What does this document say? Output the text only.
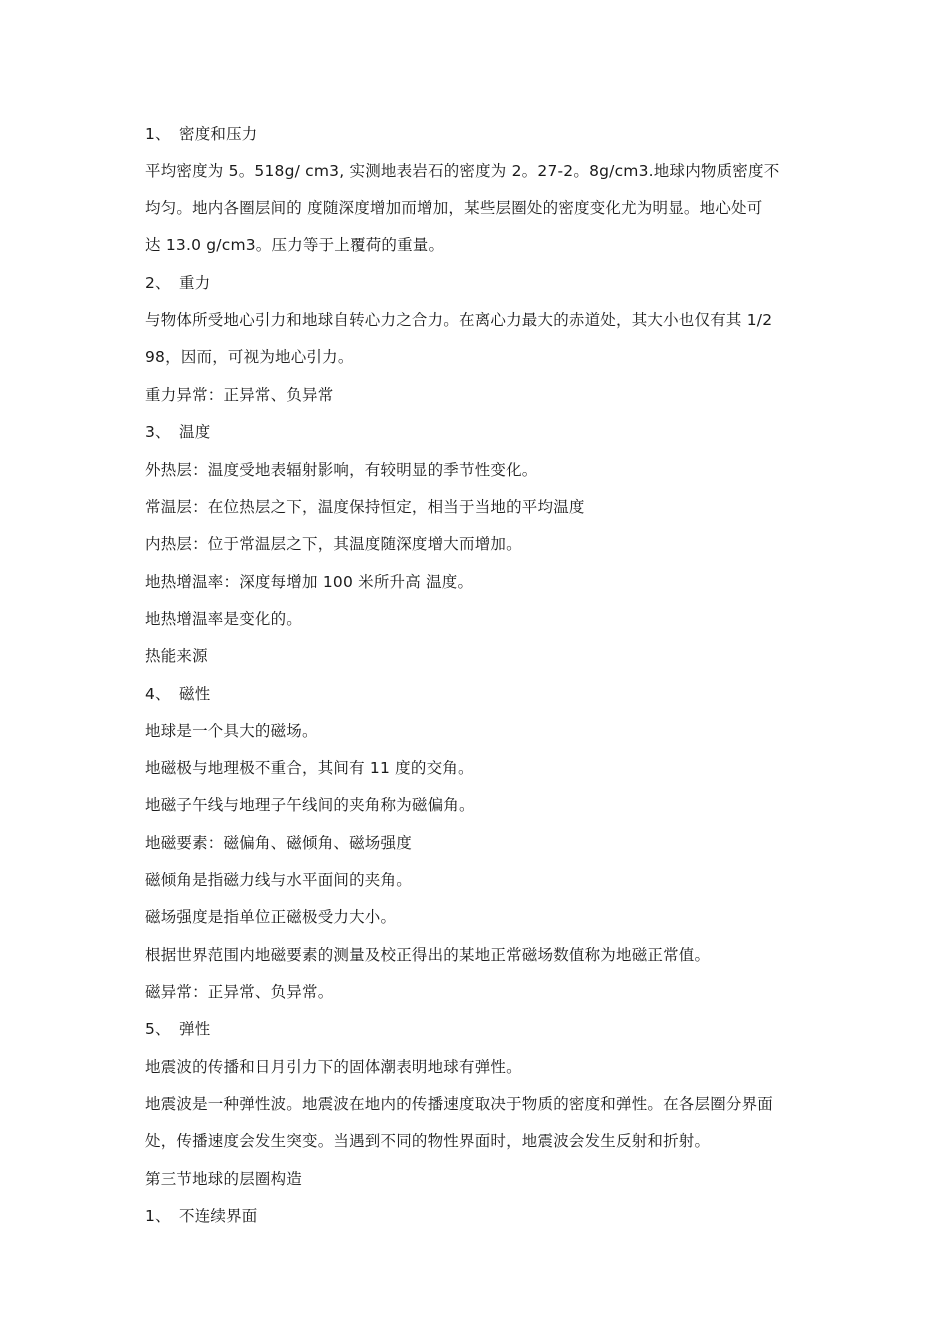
1、 密度和压力
平均密度为 5。518g/ cm3, 实测地表岩石的密度为 2。27-2。8g/cm3.地球内物质密度不
均匀。地内各圈层间的 度随深度增加而增加，某些层圈处的密度变化尤为明显。地心处可
达 13.0 g/cm3。压力等于上覆荷的重量。
2、 重力
与物体所受地心引力和地球自转心力之合力。在离心力最大的赤道处，其大小也仅有其 1/2
98，因而，可视为地心引力。
重力异常：正异常、负异常
3、 温度
外热层：温度受地表辐射影响，有较明显的季节性变化。
常温层：在位热层之下，温度保持恒定，相当于当地的平均温度
内热层：位于常温层之下，其温度随深度增大而增加。
地热增温率：深度每增加 100 米所升高 温度。
地热增温率是变化的。
热能来源
4、 磁性
地球是一个具大的磁场。
地磁极与地理极不重合，其间有 11 度的交角。
地磁子午线与地理子午线间的夹角称为磁偏角。
地磁要素：磁偏角、磁倾角、磁场强度
磁倾角是指磁力线与水平面间的夹角。
磁场强度是指单位正磁极受力大小。
根据世界范围内地磁要素的测量及校正得出的某地正常磁场数值称为地磁正常值。
磁异常：正异常、负异常。
5、 弹性
地震波的传播和日月引力下的固体潮表明地球有弹性。
地震波是一种弹性波。地震波在地内的传播速度取决于物质的密度和弹性。在各层圈分界面
处，传播速度会发生突变。当遇到不同的物性界面时，地震波会发生反射和折射。
第三节地球的层圈构造
1、 不连续界面
